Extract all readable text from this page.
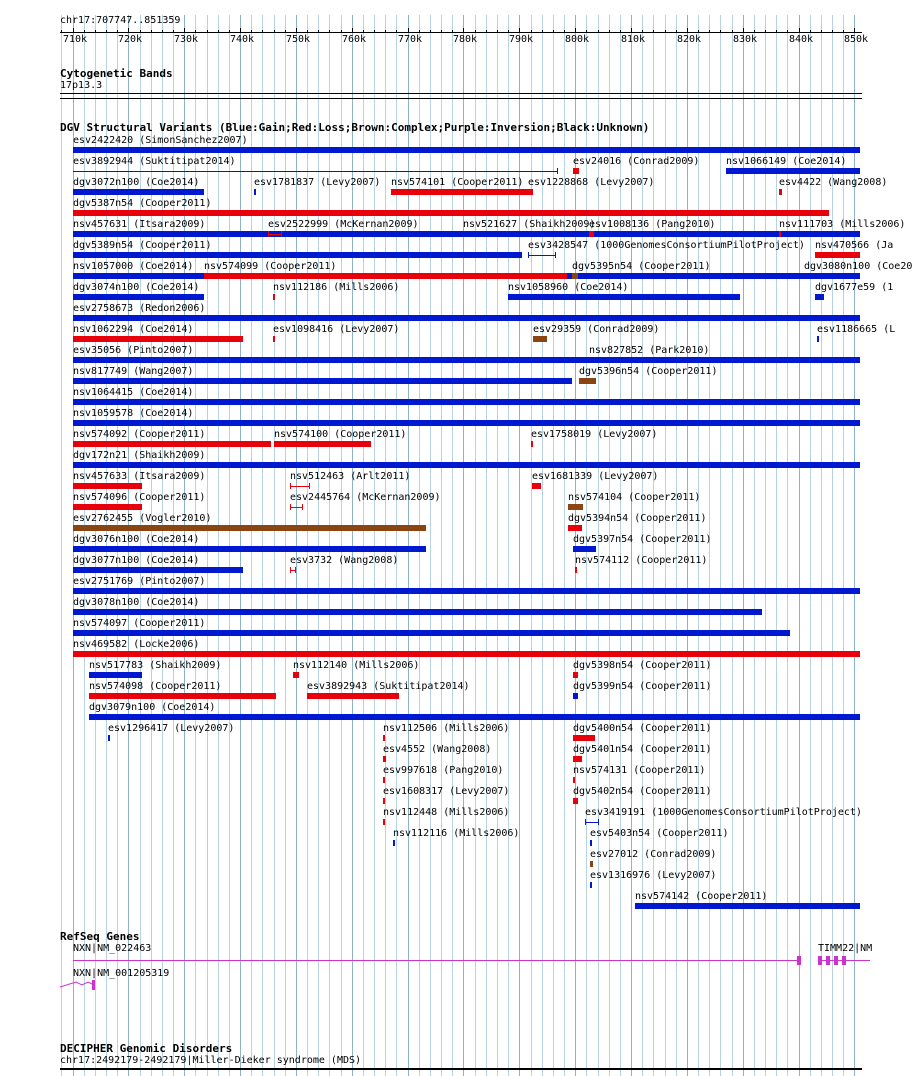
chr17:707747..851359
710k	720k	730k	740k	750k	760k	770k	780k	790k	800k	810k	820k	830k	840k	850k
Cytogenetic Bands
17p13.3
DGV Structural Variants (Blue:Gain;Red:Loss;Brown:Complex;Purple:Inversion;Black:Unknown)
esv2422420 (SimonSanchez2007)
esv3892944 (Suktitipat2014)	esv24016 (Conrad2009)	nsv1066149 (Coe2014)
dgv3072n100 (Coe2014)	esv1781837 (Levy2007) nsv574101 (Cooper2011) esv1228868 (Levy2007)	esv4422 (Wang2008)
dgv5387n54 (Cooper2011)
nsv457631 (Itsara2009)	esv2522999 (McKernan2009)	nsv521627 (Shaikh2009)
esv1008136 (Pang2010)	nsv111703 (Mills2006)
dgv5389n54 (Cooper2011)	esv3428547 (1000GenomesConsortiumPilotProject) nsv470566 (Ja
nsv1057000 (Coe2014) nsv574099 (Cooper2011)	dgv5395n54 (Cooper2011)	dgv3080n100 (Coe20
dgv3074n100 (Coe2014)	nsv112186 (Mills2006)	nsv1058960 (Coe2014)	dgv1677e59 (1
esv2758673 (Redon2006)
nsv1062294 (Coe2014)	esv1098416 (Levy2007)	esv29359 (Conrad2009)	esv1186665 (L
esv35056 (Pinto2007)	nsv827852 (Park2010)
nsv817749 (Wang2007)	dgv5396n54 (Cooper2011)
nsv1064415 (Coe2014)
nsv1059578 (Coe2014)
nsv574092 (Cooper2011)	nsv574100 (Cooper2011)	esv1758019 (Levy2007)
dgv172n21 (Shaikh2009)
nsv457633 (Itsara2009)	nsv512463 (Arlt2011)	esv1681339 (Levy2007)
nsv574096 (Cooper2011)	esv2445764 (McKernan2009)	nsv574104 (Cooper2011)
esv2762455 (Vogler2010)	dgv5394n54 (Cooper2011)
dgv3076n100 (Coe2014)	dgv5397n54 (Cooper2011)
dgv3077n100 (Coe2014)	esv3732 (Wang2008)	nsv574112 (Cooper2011)
esv2751769 (Pinto2007)
dgv3078n100 (Coe2014)
nsv574097 (Cooper2011)
nsv469582 (Locke2006)
nsv517783 (Shaikh2009)	nsv112140 (Mills2006)	dgv5398n54 (Cooper2011)
nsv574098 (Cooper2011)	esv3892943 (Suktitipat2014)	dgv5399n54 (Cooper2011)
dgv3079n100 (Coe2014)
esv1296417 (Levy2007)	nsv112506 (Mills2006)	dgv5400n54 (Cooper2011)
esv4552 (Wang2008)	dgv5401n54 (Cooper2011)
esv997618 (Pang2010)	nsv574131 (Cooper2011)
esv1608317 (Levy2007)	dgv5402n54 (Cooper2011)
nsv112448 (Mills2006)	esv3419191 (1000GenomesConsortiumPilotProject)
nsv112116 (Mills2006)	esv5403n54 (Cooper2011)
esv27012 (Conrad2009)
esv1316976 (Levy2007)
nsv574142 (Cooper2011)
RefSeq Genes
NXN|NM_022463	TIMM22|NM
NXN|NM_001205319
DECIPHER Genomic Disorders
chr17:2492179-2492179|Miller-Dieker syndrome (MDS)
